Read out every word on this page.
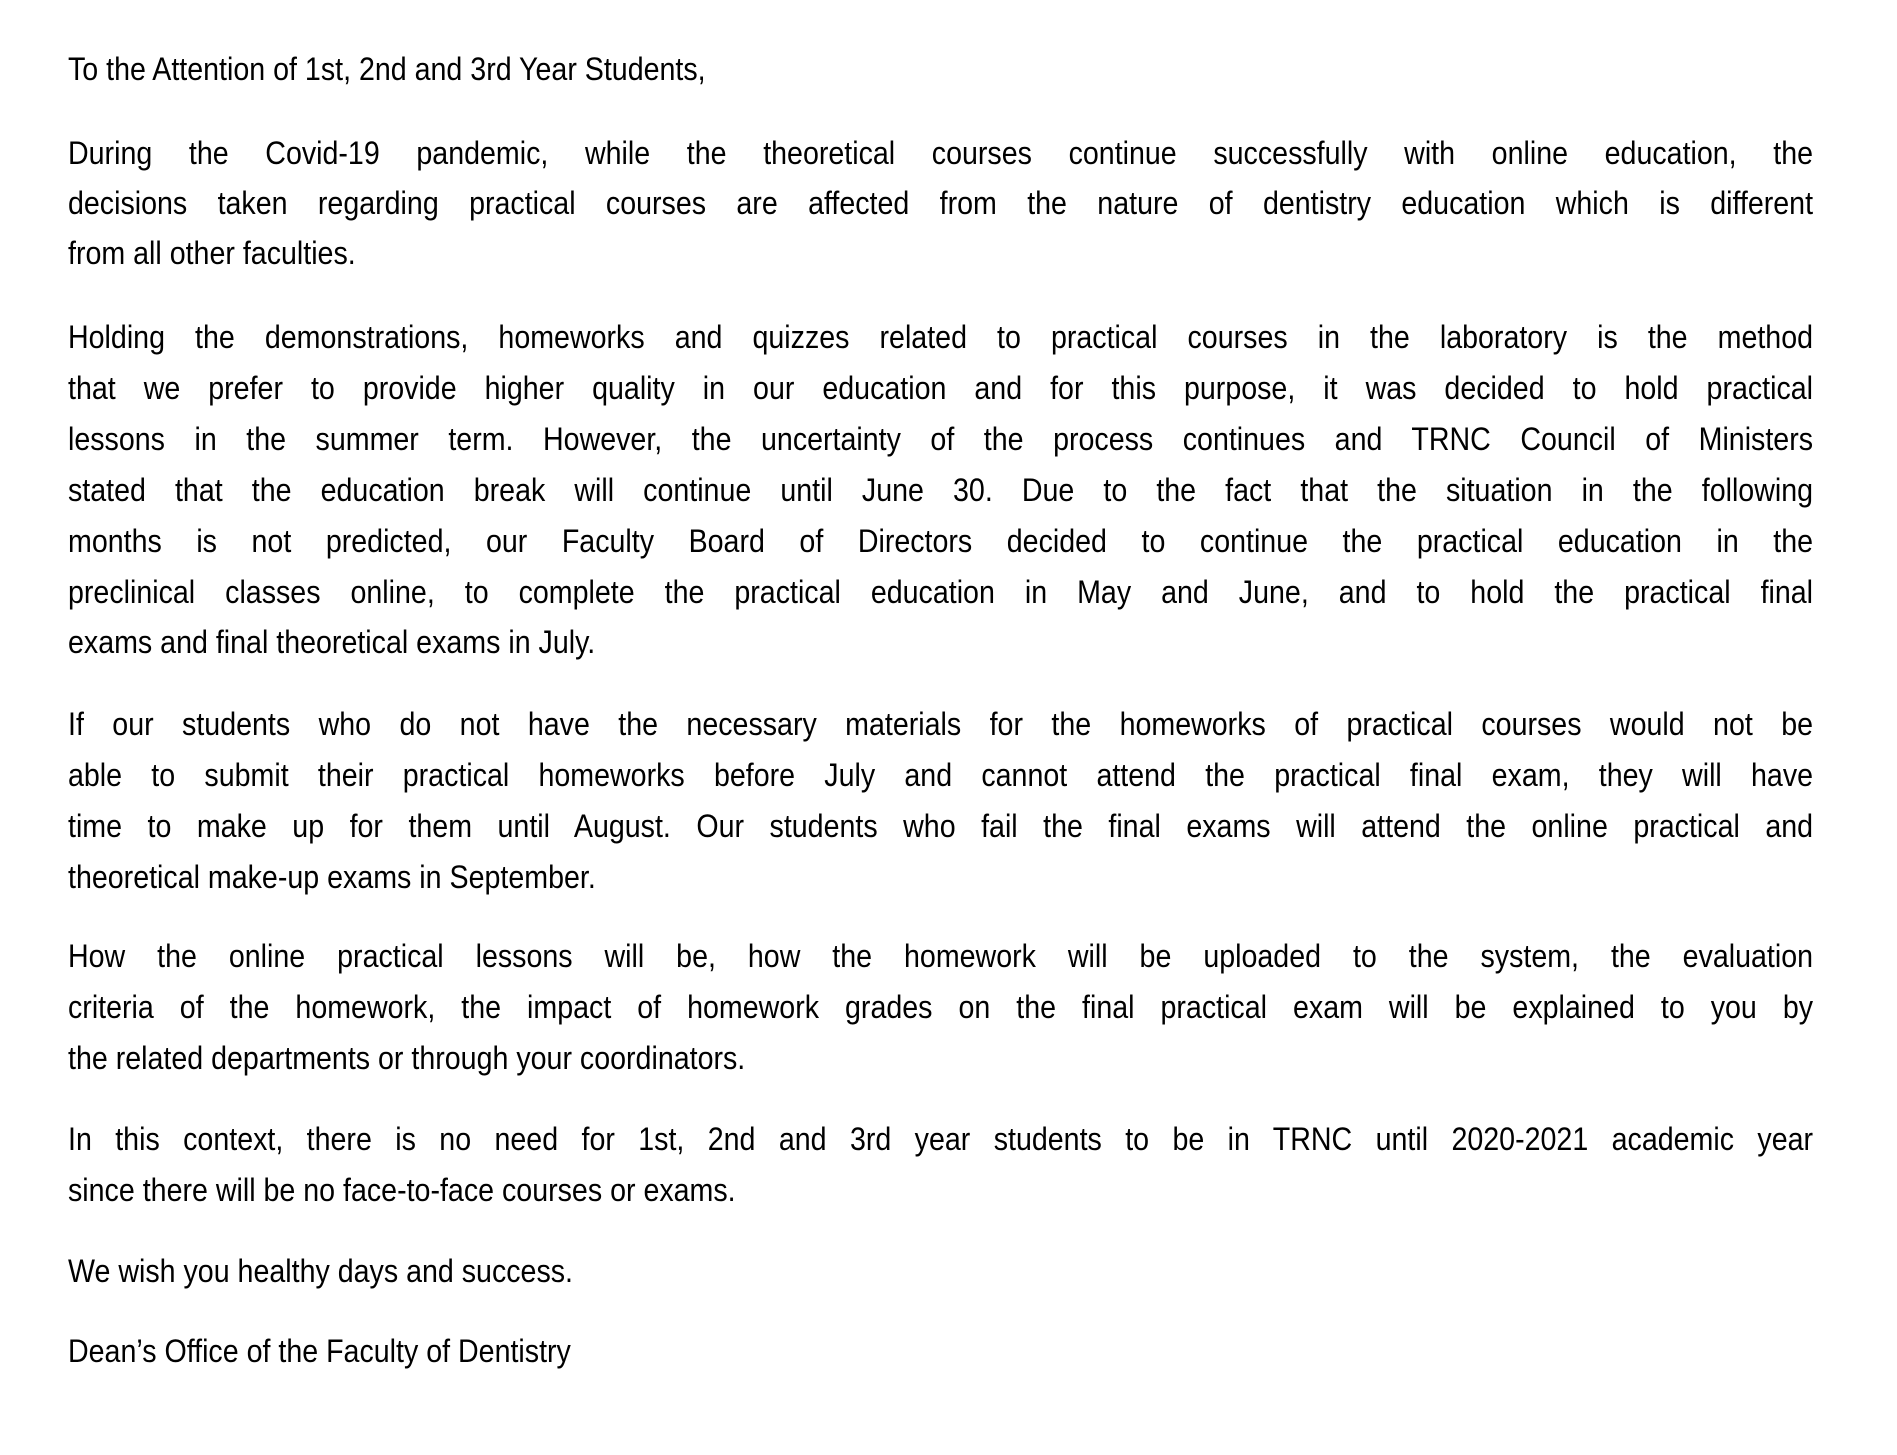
To the Attention of 1st, 2nd and 3rd Year Students,
During the Covid-19 pandemic, while the theoretical courses continue successfully with online education, the
decisions taken regarding practical courses are affected from the nature of dentistry education which is different
from all other faculties.
Holding the demonstrations, homeworks and quizzes related to practical courses in the laboratory is the method
that we prefer to provide higher quality in our education and for this purpose, it was decided to hold practical
lessons in the summer term. However, the uncertainty of the process continues and TRNC Council of Ministers
stated that the education break will continue until June 30. Due to the fact that the situation in the following
months is not predicted, our Faculty Board of Directors decided to continue the practical education in the
preclinical classes online, to complete the practical education in May and June, and to hold the practical final
exams and final theoretical exams in July.
If our students who do not have the necessary materials for the homeworks of practical courses would not be
able to submit their practical homeworks before July and cannot attend the practical final exam, they will have
time to make up for them until August. Our students who fail the final exams will attend the online practical and
theoretical make-up exams in September.
How the online practical lessons will be, how the homework will be uploaded to the system, the evaluation
criteria of the homework, the impact of homework grades on the final practical exam will be explained to you by
the related departments or through your coordinators.
In this context, there is no need for 1st, 2nd and 3rd year students to be in TRNC until 2020-2021 academic year
since there will be no face-to-face courses or exams.
We wish you healthy days and success.
Dean’s Office of the Faculty of Dentistry
